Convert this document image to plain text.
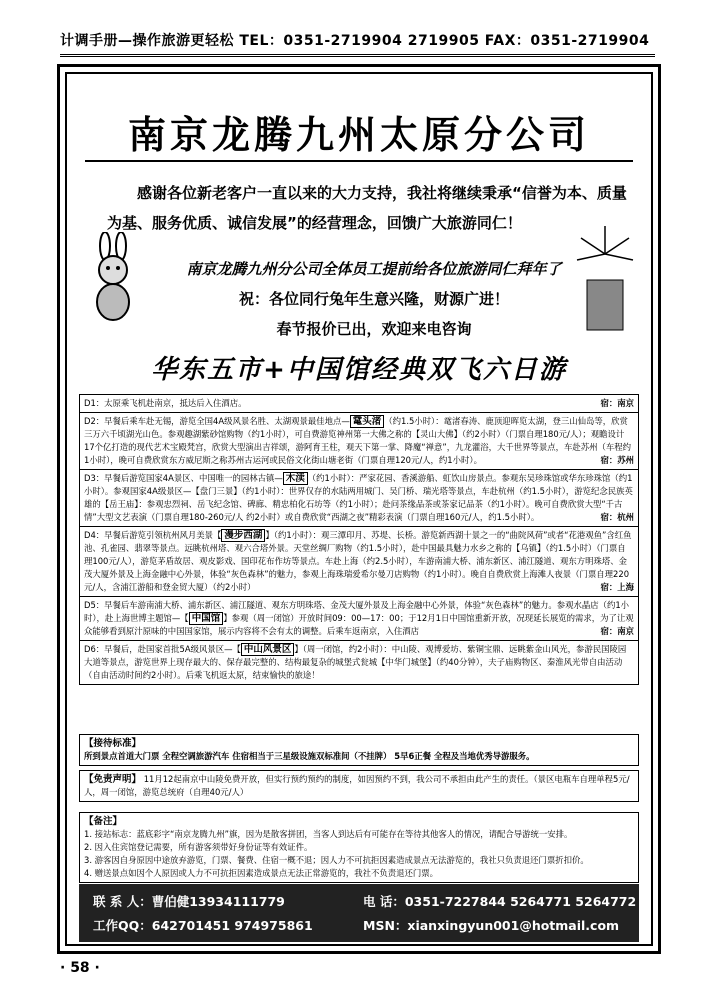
计调手册—操作旅游更轻松 TEL：0351-2719904 2719905 FAX：0351-2719904
南京龙腾九州太原分公司
感谢各位新老客户一直以来的大力支持，我社将继续秉承“信誉为本、质量为基、服务优质、诚信发展”的经营理念，回馈广大旅游同仁！
南京龙腾九州分公司全体员工提前给各位旅游同仁拜年了
祝：各位同行兔年生意兴隆，财源广进！
春节报价已出，欢迎来电咨询
华东五市+中国馆经典双飞六日游
D1：太原乘飞机赴南京，抵达后入住酒店。	宿：南京
D2：早餐后乘车赴无锡，游览全国4A级风景名胜、太湖观景最佳地点— 鼋头渚 （约1.5小时）：鼋渚春涛、鹿顶迎晖览太湖，登三山仙岛等，欣赏三万六千顷湖光山色。参观趣湖紫砂馆购物（约1小时），可自费游览神州第一大佛之称的【灵山大佛】（约2小时）（门票自理180元/人）；观瞻设计17个亿打造的现代艺术宝殿梵宫，欣赏大型演出吉祥颂，游阿育王柱，观天下第一掌、降魔“禅意”，九龙灌浴，大千世界等景点，车赴苏州（车程约1小时），晚可自费欣赏东方威尼斯之称苏州古运河或民俗文化街山塘老街（门票自理120元/人，约1小时）。	宿：苏州
D3：早餐后游览国家4A景区、中国唯一的园林古镇— 木渎 （约1小时）：严家花园、香溪游船、虹饮山房景点。参观东吴珍珠馆或华东珍珠馆（约1小时）。参观国家4A级景区—【盘门三景】（约1小时）：世界仅存的水陆两用城门、吴门桥、瑞光塔等景点，车赴杭州（约1.5小时），游览纪念民族英雄的【岳王庙】：参观忠烈祠、岳飞纪念馆、碑廊、精忠柏化石坊等（约1小时）；赴问茶缘品茶或茶家记品茶（约1小时）。晚可自费欣赏大型“千古情”大型文艺表演（门票自理180-260元/人 约2小时）或自费欣赏“西湖之夜”精彩表演（门票自理160元/人，约1.5小时）。	宿：杭州
D4：早餐后游览引领杭州风月美景【 漫步西湖 】（约1小时）：观三潭印月、苏堤、长桥。游览新西湖十景之一的“曲院风荷”或者“花港观鱼”含红鱼池、孔雀园、翡翠等景点。远眺杭州塔、观六合塔外景。天堂丝绸厂购物（约1.5小时），赴中国最具魅力水乡之称的【乌镇】（约1.5小时）（门票自理100元/人），游览茅盾故居、观皮影戏、国印花布作坊等景点。车赴上海（约2.5小时），车游南浦大桥、浦东新区、浦江隧道、观东方明珠塔、金茂大厦外景及上海金融中心外景，体验“灰色森林”的魅力，参观上海珠瑞爱希尔曼刀店购物（约1小时）。晚自自费欣赏上海滩人夜景（门票自理220元/人，含浦江游船和登金贸大厦）（约2小时）	宿：上海
D5：早餐后车游南浦大桥、浦东新区、浦江隧道、观东方明珠塔、金茂大厦外景及上海金融中心外景，体验“灰色森林”的魅力。参观水晶店（约1小时），赴上海世博主题馆—【 中国馆 】参观（周一闭馆）开放时间09：00—17：00；于12月1日中国馆重新开放，况现延长展览的需求，为了让观众能够看到原汁原味的中国国家馆，展示内容将不会有太的调整。后乘车返南京，入住酒店	宿：南京
D6：早餐后，赴国家首批5A级风景区—【 中山风景区 】（周一闭馆，约2小时）：中山陵、观博爱坊、紫铜宝鼎、远眺紫金山风光，参游民国陵园大道等景点，游览世界上现存最大的、保存最完整的、结构最复杂的城堡式瓮城【中华门城堡】（约40分钟），夫子庙购物区、秦淮风光带自由活动（自由活动时间约2小时）。后乘飞机返太原，结束愉快的旅途！
【接待标准】
所到景点首道大门票 全程空调旅游汽车 住宿相当于三星级设施双标准间（不挂牌） 5早6正餐 全程及当地优秀导游服务。
【免责声明】 11月12起南京中山陵免费开放，但实行预约预约的制度，如因预约不到，我公司不承担由此产生的责任。（景区电瓶车自理单程5元/人，周一闭馆，游览总统府（自理40元/人）
【备注】
1. 接站标志：蓝底彩字“南京龙腾九州”旗，因为是散客拼团，当客人到达后有可能存在等待其他客人的情况，请配合导游统一安排。
2. 因入住宾馆登记需要，所有游客须带好身份证等有效证件。
3. 游客因自身原因中途放弃游览，门票、餐费、住宿一概不退；因人力不可抗拒因素造成景点无法游览的，我社只负责退还门票折扣价。
4. 赠送景点如因个人原因或人力不可抗拒因素造成景点无法正常游览的，我社不负责退还门票。
联 系 人：曹伯健13934111779	电 话：0351-7227844 5264771 5264772
工作QQ：642701451 974975861	MSN：xianxingyun001@hotmail.com
· 58 ·
